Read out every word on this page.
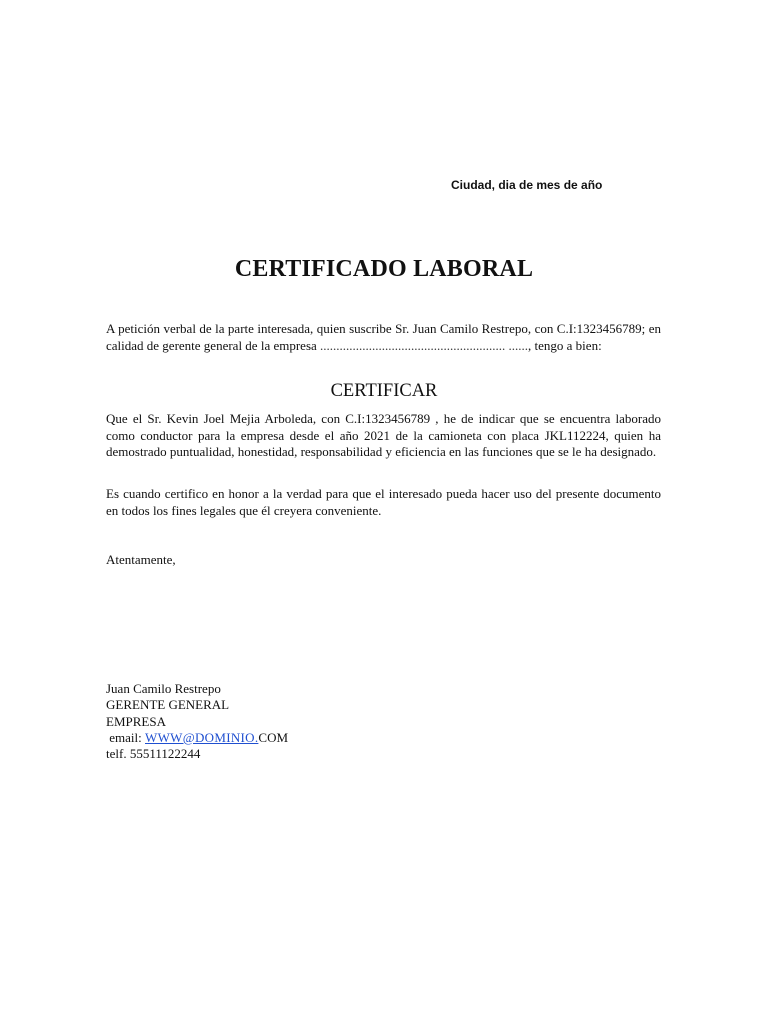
Ciudad, dia de mes de año
CERTIFICADO LABORAL
A petición verbal de la parte interesada, quien suscribe Sr. Juan Camilo Restrepo, con C.I:1323456789; en calidad de gerente general de la empresa ......................................................... ......, tengo a bien:
CERTIFICAR
Que el Sr. Kevin Joel Mejia Arboleda, con C.I:1323456789 , he de indicar que se encuentra laborado como conductor para la empresa desde el año 2021 de la camioneta con placa JKL112224, quien ha demostrado puntualidad, honestidad, responsabilidad y eficiencia en las funciones que se le ha designado.
Es cuando certifico en honor a la verdad para que el interesado pueda hacer uso del presente documento en todos los fines legales que él creyera conveniente.
Atentamente,
Juan Camilo Restrepo
GERENTE GENERAL
EMPRESA
email: WWW@DOMINIO.COM
telf. 55511122244
